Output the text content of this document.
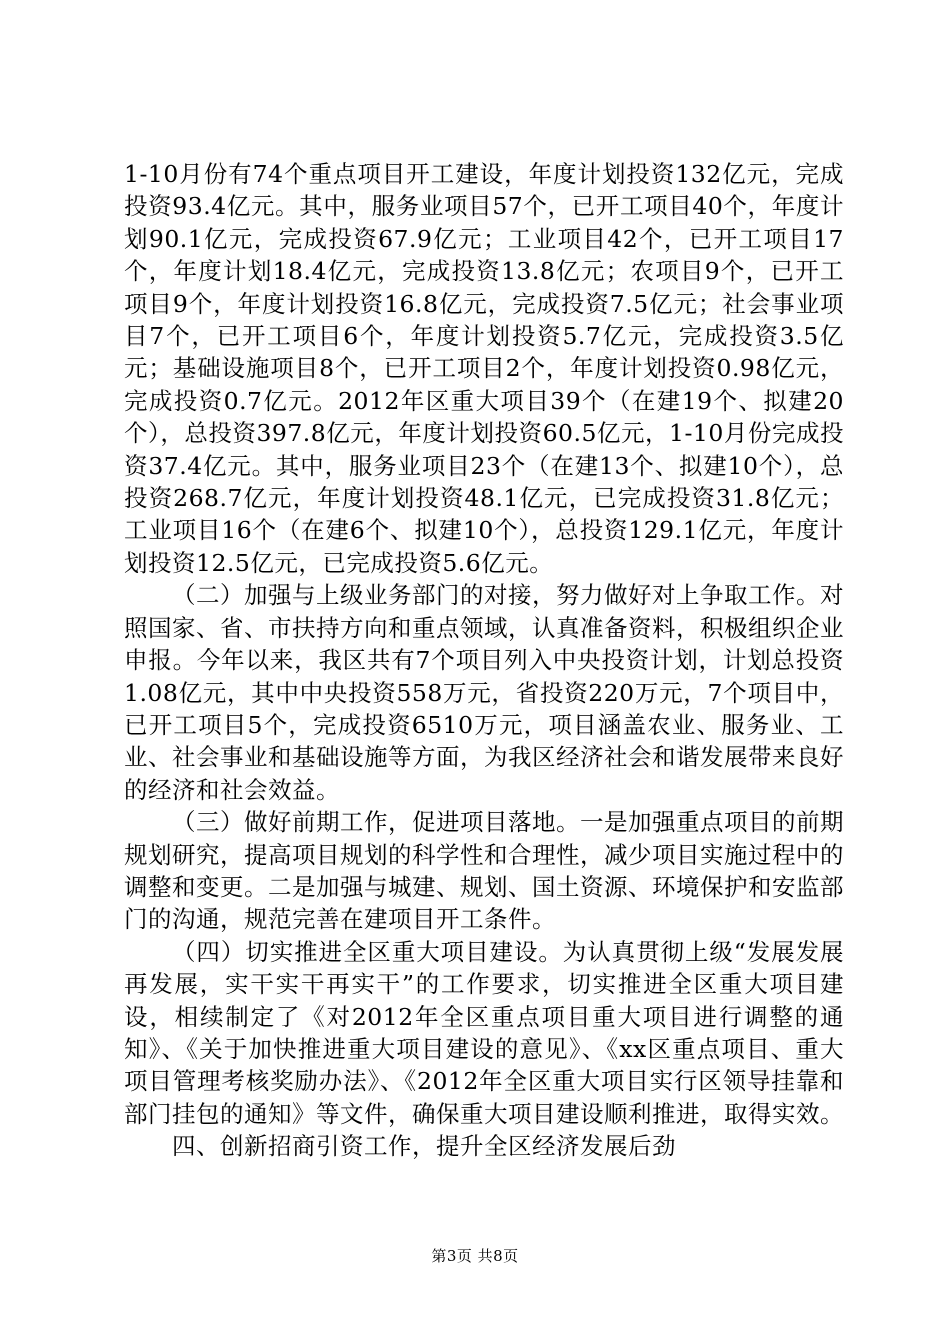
1-10月份有74个重点项目开工建设，年度计划投资132亿元，完成投资93.4亿元。其中，服务业项目57个，已开工项目40个，年度计划90.1亿元，完成投资67.9亿元；工业项目42个，已开工项目17个，年度计划18.4亿元，完成投资13.8亿元；农项目9个，已开工项目9个，年度计划投资16.8亿元，完成投资7.5亿元；社会事业项目7个，已开工项目6个，年度计划投资5.7亿元，完成投资3.5亿元；基础设施项目8个，已开工项目2个，年度计划投资0.98亿元，完成投资0.7亿元。2012年区重大项目39个（在建19个、拟建20个），总投资397.8亿元，年度计划投资60.5亿元，1-10月份完成投资37.4亿元。其中，服务业项目23个（在建13个、拟建10个），总投资268.7亿元，年度计划投资48.1亿元，已完成投资31.8亿元；工业项目16个（在建6个、拟建10个），总投资129.1亿元，年度计划投资12.5亿元，已完成投资5.6亿元。

（二）加强与上级业务部门的对接，努力做好对上争取工作。对照国家、省、市扶持方向和重点领域，认真准备资料，积极组织企业申报。今年以来，我区共有7个项目列入中央投资计划，计划总投资1.08亿元，其中中央投资558万元，省投资220万元，7个项目中，已开工项目5个，完成投资6510万元，项目涵盖农业、服务业、工业、社会事业和基础设施等方面，为我区经济社会和谐发展带来良好的经济和社会效益。

（三）做好前期工作，促进项目落地。一是加强重点项目的前期规划研究，提高项目规划的科学性和合理性，减少项目实施过程中的调整和变更。二是加强与城建、规划、国土资源、环境保护和安监部门的沟通，规范完善在建项目开工条件。

（四）切实推进全区重大项目建设。为认真贯彻上级“发展发展再发展，实干实干再实干”的工作要求，切实推进全区重大项目建设，相续制定了《对2012年全区重点项目重大项目进行调整的通知》、《关于加快推进重大项目建设的意见》、《xx区重点项目、重大项目管理考核奖励办法》、《2012年全区重大项目实行区领导挂靠和部门挂包的通知》等文件，确保重大项目建设顺利推进，取得实效。

四、创新招商引资工作，提升全区经济发展后劲

第3页 共8页
